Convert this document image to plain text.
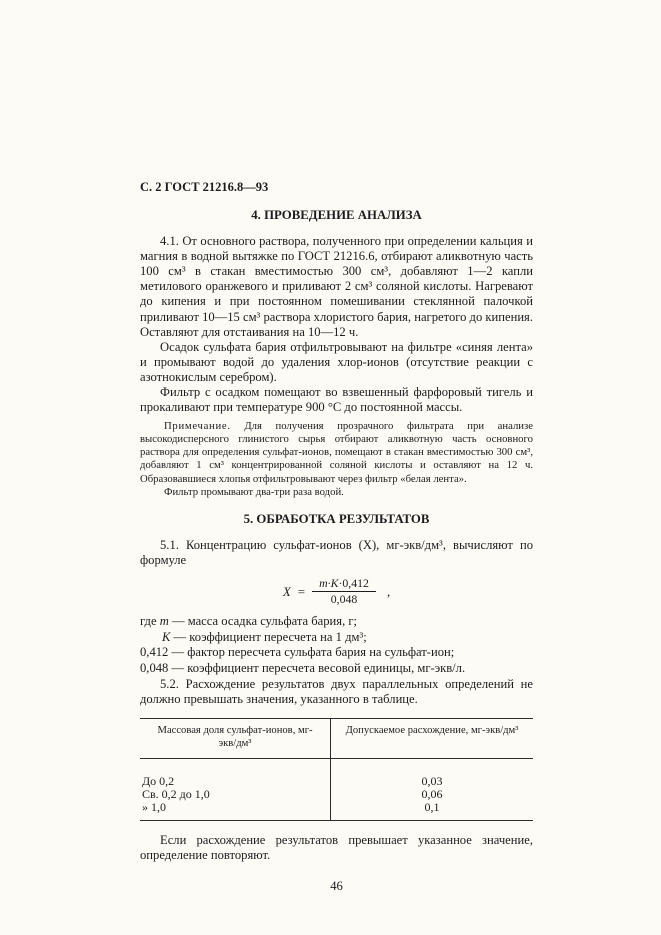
С. 2 ГОСТ 21216.8—93
4. ПРОВЕДЕНИЕ АНАЛИЗА

4.1. От основного раствора, полученного при определении кальция и магния в водной вытяжке по ГОСТ 21216.6, отбирают аликвотную часть 100 см³ в стакан вместимостью 300 см³, добавляют 1—2 капли метилового оранжевого и приливают 2 см³ соляной кислоты. Нагревают до кипения и при постоянном помешивании стеклянной палочкой приливают 10—15 см³ раствора хлористого бария, нагретого до кипения. Оставляют для отстаивания на 10—12 ч.

Осадок сульфата бария отфильтровывают на фильтре «синяя лента» и промывают водой до удаления хлор-ионов (отсутствие реакции с азотнокислым серебром).

Фильтр с осадком помещают во взвешенный фарфоровый тигель и прокаливают при температуре 900 °С до постоянной массы.

Примечание. Для получения прозрачного фильтрата при анализе высокодисперсного глинистого сырья отбирают аликвотную часть основного раствора для определения сульфат-ионов, помещают в стакан вместимостью 300 см³, добавляют 1 см³ концентрированной соляной кислоты и оставляют на 12 ч. Образовавшиеся хлопья отфильтровывают через фильтр «белая лента».

Фильтр промывают два-три раза водой.

5. ОБРАБОТКА РЕЗУЛЬТАТОВ

5.1. Концентрацию сульфат-ионов (X), мг-экв/дм³, вычисляют по формуле

$X = \frac{m\cdot K\cdot 0,412}{0,048}$ ,
где m — масса осадка сульфата бария, г;
К — коэффициент пересчета на 1 дм³;
0,412 — фактор пересчета сульфата бария на сульфат-ион;
0,048 — коэффициент пересчета весовой единицы, мг-экв/л.

5.2. Расхождение результатов двух параллельных определений не должно превышать значения, указанного в таблице.

Массовая доля сульфат-ионов, мг-экв/дм³	Допускаемое расхождение, мг-экв/дм³
До 0,2	0,03
Св. 0,2 до 1,0	0,06
» 1,0	0,1

Если расхождение результатов превышает указанное значение, определение повторяют.

46
